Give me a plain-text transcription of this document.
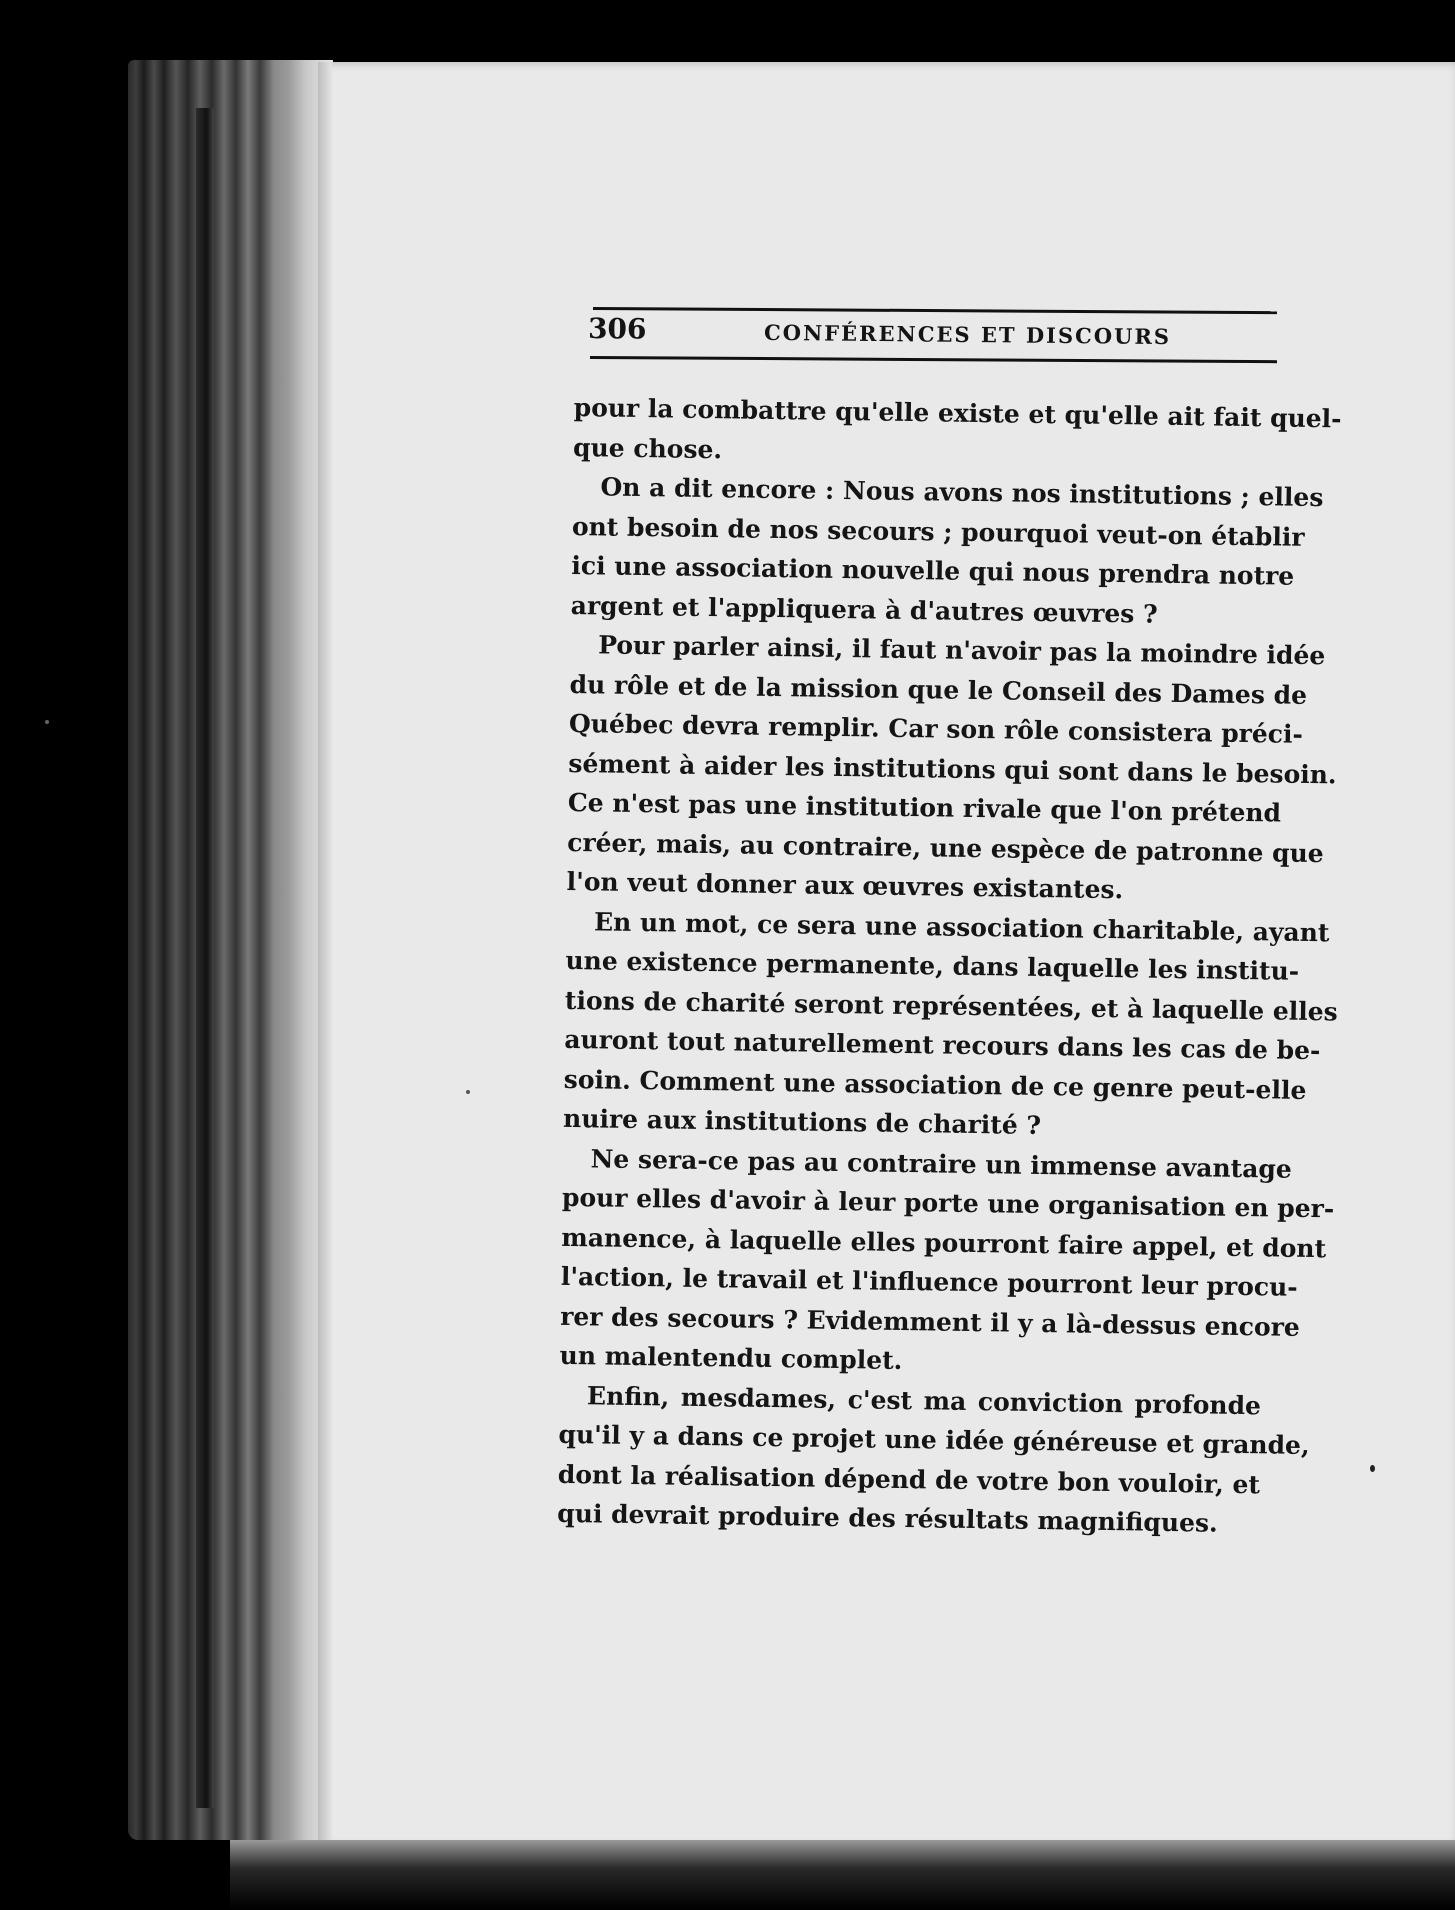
306	CONFÉRENCES ET DISCOURS
pour la combattre qu'elle existe et qu'elle ait fait quel-
que chose.
On a dit encore : Nous avons nos institutions ; elles
ont besoin de nos secours ; pourquoi veut-on établir
ici une association nouvelle qui nous prendra notre
argent et l'appliquera à d'autres œuvres ?
Pour parler ainsi, il faut n'avoir pas la moindre idée
du rôle et de la mission que le Conseil des Dames de
Québec devra remplir. Car son rôle consistera préci-
sément à aider les institutions qui sont dans le besoin.
Ce n'est pas une institution rivale que l'on prétend
créer, mais, au contraire, une espèce de patronne que
l'on veut donner aux œuvres existantes.
En un mot, ce sera une association charitable, ayant
une existence permanente, dans laquelle les institu-
tions de charité seront représentées, et à laquelle elles
auront tout naturellement recours dans les cas de be-
soin. Comment une association de ce genre peut-elle
nuire aux institutions de charité ?
Ne sera-ce pas au contraire un immense avantage
pour elles d'avoir à leur porte une organisation en per-
manence, à laquelle elles pourront faire appel, et dont
l'action, le travail et l'influence pourront leur procu-
rer des secours ? Evidemment il y a là-dessus encore
un malentendu complet.
Enfin, mesdames, c'est ma conviction profonde
qu'il y a dans ce projet une idée généreuse et grande,
dont la réalisation dépend de votre bon vouloir, et
qui devrait produire des résultats magnifiques.
